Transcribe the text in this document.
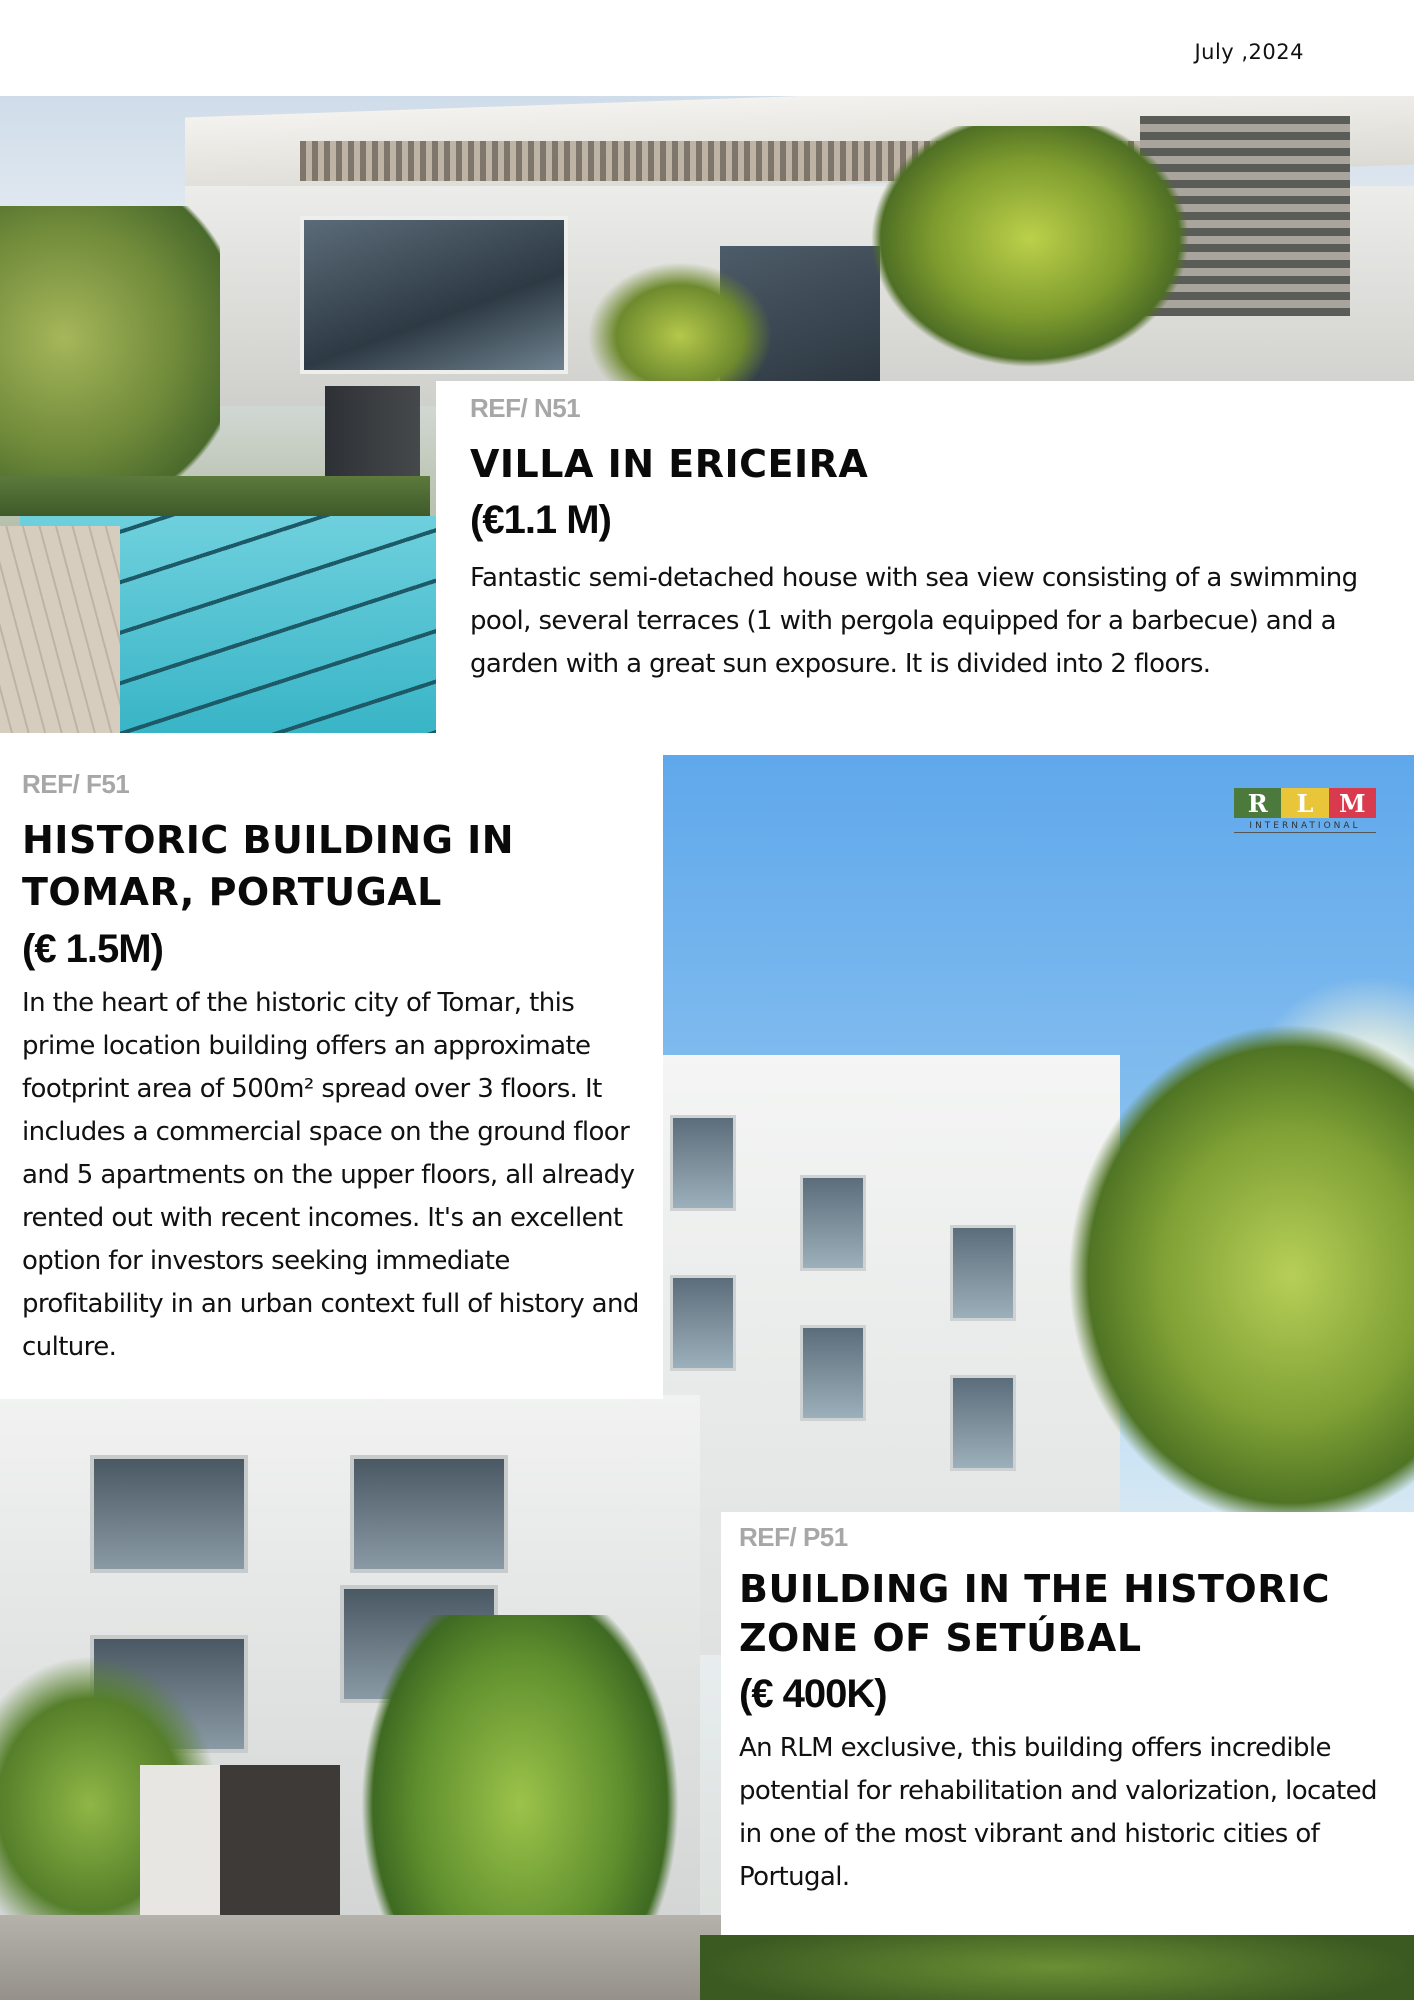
July ,2024
R	L	M
INTERNATIONAL
REF/ N51
VILLA IN ERICEIRA
(€1.1 M)
Fantastic semi-detached house with sea view consisting of a swimming pool, several terraces (1 with pergola equipped for a barbecue) and a garden with a great sun exposure. It is divided into 2 floors.
REF/ F51
HISTORIC BUILDING IN TOMAR, PORTUGAL
(€ 1.5M)
In the heart of the historic city of Tomar, this prime location building offers an approximate footprint area of 500m² spread over 3 floors. It includes a commercial space on the ground floor and 5 apartments on the upper floors, all already rented out with recent incomes. It's an excellent option for investors seeking immediate profitability in an urban context full of history and culture.
REF/ P51
BUILDING IN THE HISTORIC ZONE OF SETÚBAL
(€ 400K)
An RLM exclusive, this building offers incredible potential for rehabilitation and valorization, located in one of the most vibrant and historic cities of Portugal.
